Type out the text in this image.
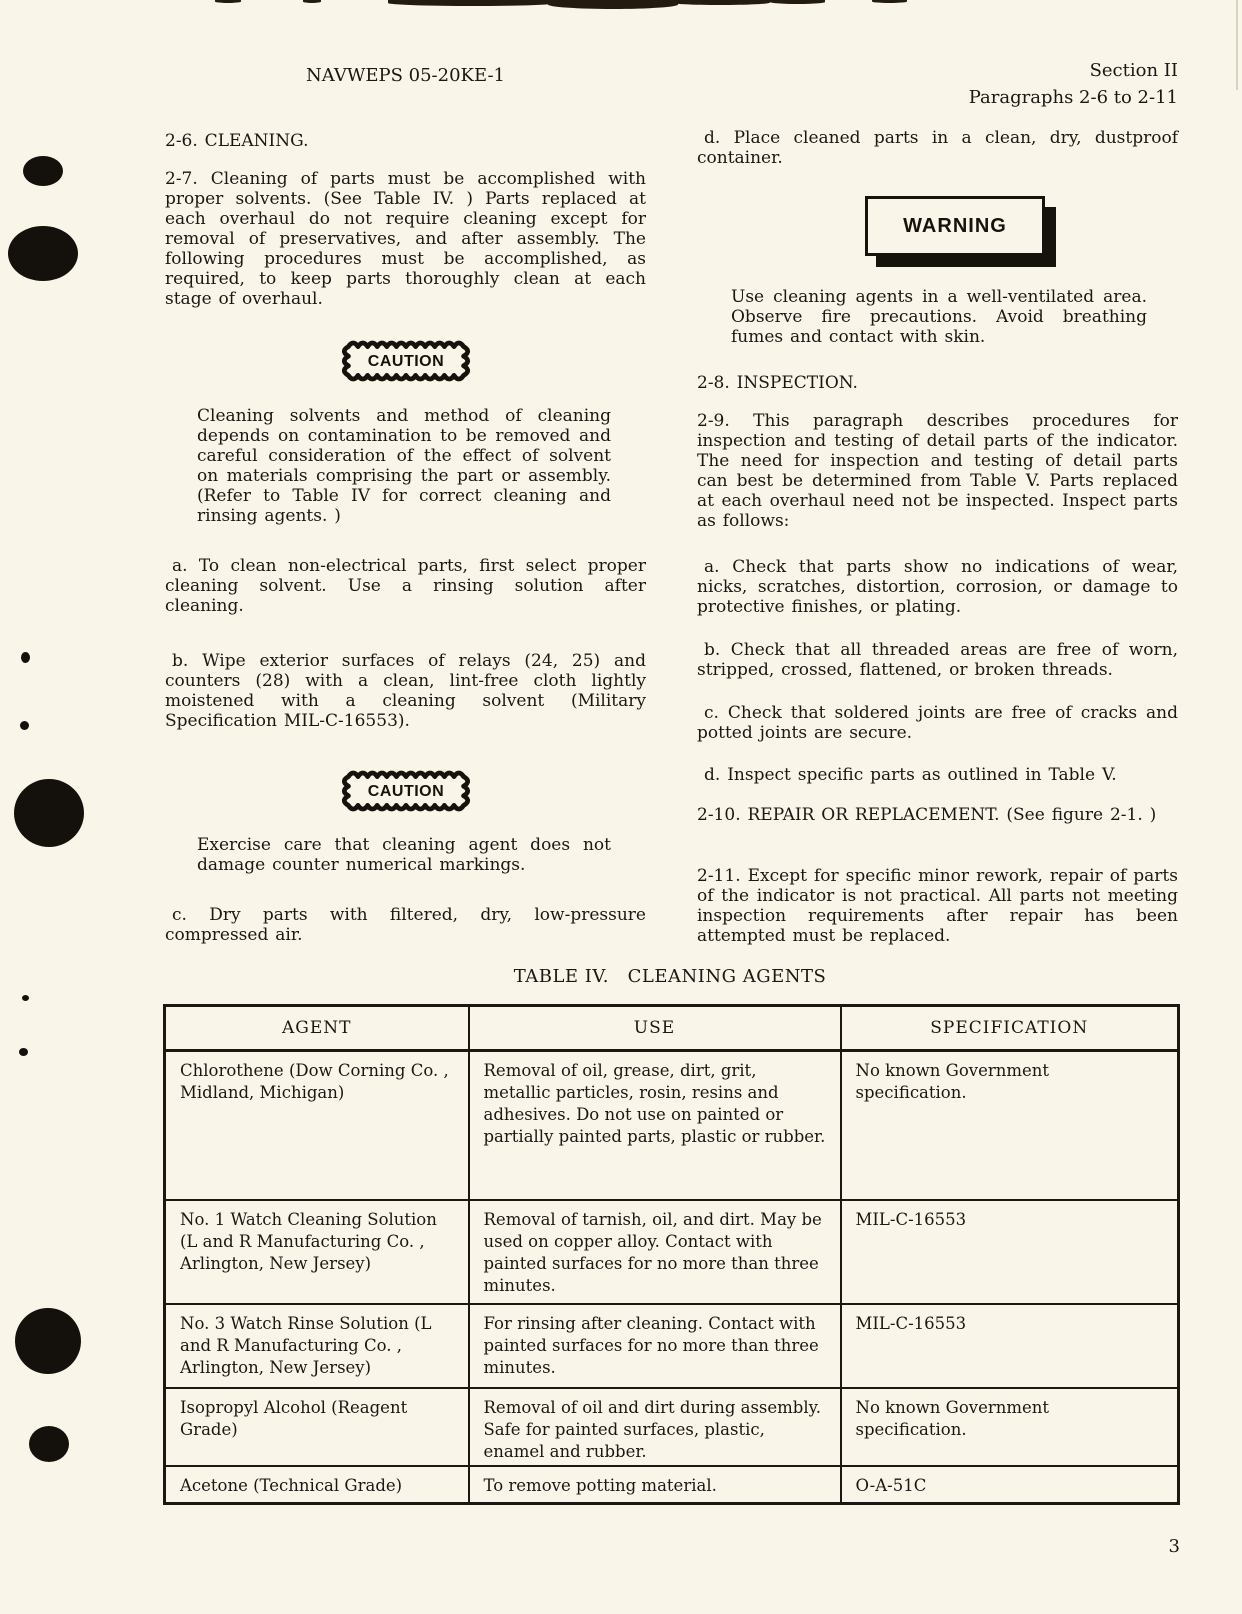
NAVWEPS 05-20KE-1	Section II
Paragraphs 2-6 to 2-11
2-6. CLEANING.
2-7. Cleaning of parts must be accomplished with proper solvents. (See Table IV. ) Parts replaced at each overhaul do not require cleaning except for removal of preservatives, and after assembly. The following procedures must be accomplished, as required, to keep parts thoroughly clean at each stage of overhaul.
CAUTION
Cleaning solvents and method of cleaning depends on contamination to be removed and careful consideration of the effect of solvent on materials comprising the part or assembly. (Refer to Table IV for correct cleaning and rinsing agents. )
a. To clean non-electrical parts, first select proper cleaning solvent. Use a rinsing solution after cleaning.
b. Wipe exterior surfaces of relays (24, 25) and counters (28) with a clean, lint-free cloth lightly moistened with a cleaning solvent (Military Specification MIL-C-16553).
CAUTION
Exercise care that cleaning agent does not damage counter numerical markings.
c. Dry parts with filtered, dry, low-pressure compressed air.
d. Place cleaned parts in a clean, dry, dustproof container.
WARNING
Use cleaning agents in a well-ventilated area. Observe fire precautions. Avoid breathing fumes and contact with skin.
2-8. INSPECTION.
2-9. This paragraph describes procedures for inspection and testing of detail parts of the indicator. The need for inspection and testing of detail parts can best be determined from Table V. Parts replaced at each overhaul need not be inspected. Inspect parts as follows:
a. Check that parts show no indications of wear, nicks, scratches, distortion, corrosion, or damage to protective finishes, or plating.
b. Check that all threaded areas are free of worn, stripped, crossed, flattened, or broken threads.
c. Check that soldered joints are free of cracks and potted joints are secure.
d. Inspect specific parts as outlined in Table V.
2-10. REPAIR OR REPLACEMENT. (See figure 2-1. )
2-11. Except for specific minor rework, repair of parts of the indicator is not practical. All parts not meeting inspection requirements after repair has been attempted must be replaced.
TABLE IV.   CLEANING AGENTS
AGENT	USE	SPECIFICATION
Chlorothene (Dow Corning Co. , Midland, Michigan)	Removal of oil, grease, dirt, grit, metallic particles, rosin, resins and adhesives. Do not use on painted or partially painted parts, plastic or rubber.	No known Government specification.
No. 1 Watch Cleaning Solution (L and R Manufacturing Co. , Arlington, New Jersey)	Removal of tarnish, oil, and dirt. May be used on copper alloy. Contact with painted surfaces for no more than three minutes.	MIL-C-16553
No. 3 Watch Rinse Solution (L and R Manufacturing Co. , Arlington, New Jersey)	For rinsing after cleaning. Contact with painted surfaces for no more than three minutes.	MIL-C-16553
Isopropyl Alcohol (Reagent Grade)	Removal of oil and dirt during assembly. Safe for painted surfaces, plastic, enamel and rubber.	No known Government specification.
Acetone (Technical Grade)	To remove potting material.	O-A-51C
3
